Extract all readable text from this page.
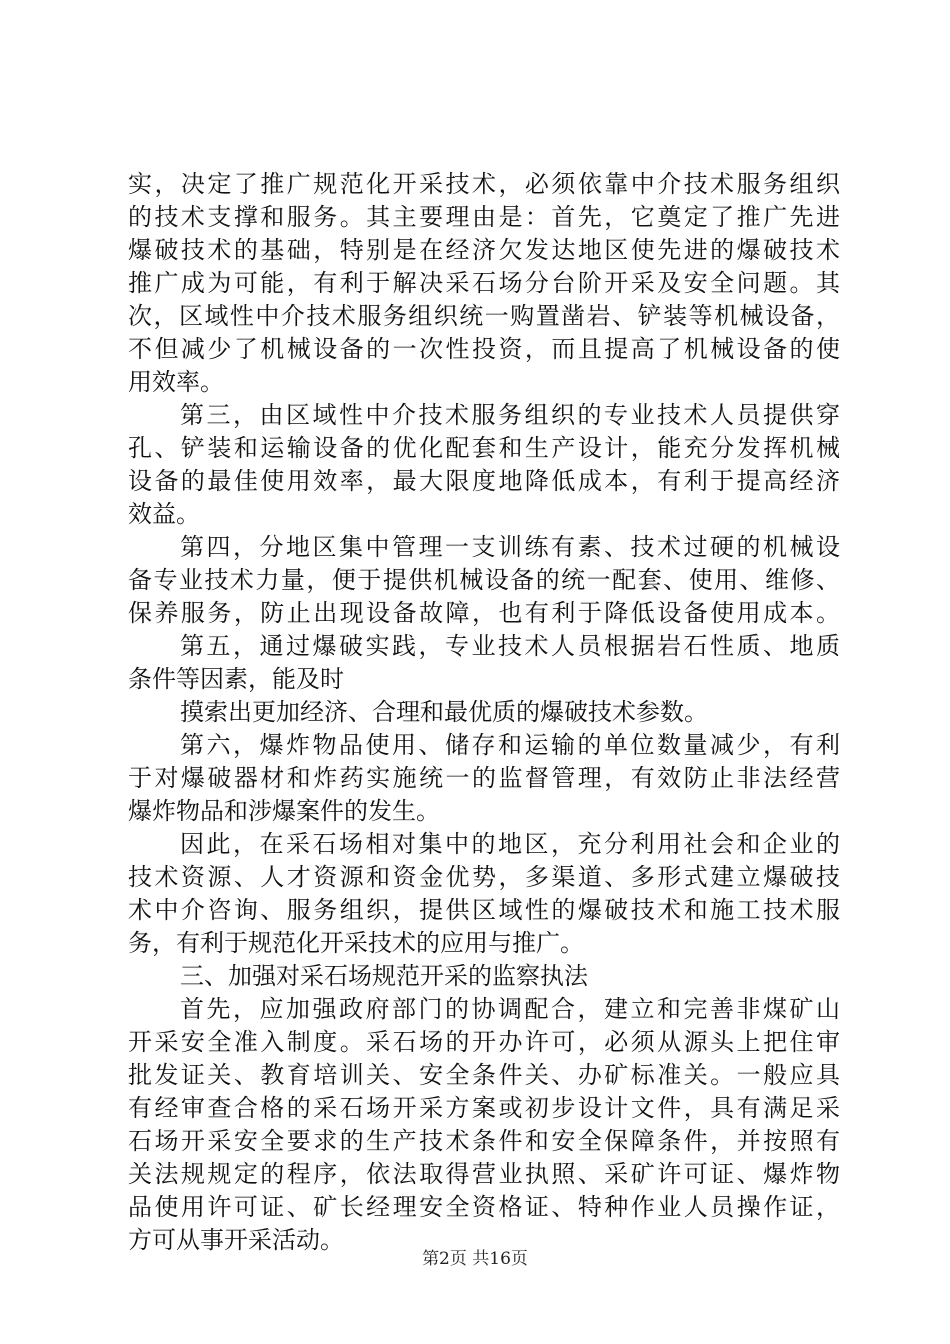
实，决定了推广规范化开采技术，必须依靠中介技术服务组织
的技术支撑和服务。其主要理由是：首先，它奠定了推广先进
爆破技术的基础，特别是在经济欠发达地区使先进的爆破技术
推广成为可能，有利于解决采石场分台阶开采及安全问题。其
次，区域性中介技术服务组织统一购置凿岩、铲装等机械设备，
不但减少了机械设备的一次性投资，而且提高了机械设备的使
用效率。
第三，由区域性中介技术服务组织的专业技术人员提供穿
孔、铲装和运输设备的优化配套和生产设计，能充分发挥机械
设备的最佳使用效率，最大限度地降低成本，有利于提高经济
效益。
第四，分地区集中管理一支训练有素、技术过硬的机械设
备专业技术力量，便于提供机械设备的统一配套、使用、维修、
保养服务，防止出现设备故障，也有利于降低设备使用成本。
第五，通过爆破实践，专业技术人员根据岩石性质、地质
条件等因素，能及时
摸索出更加经济、合理和最优质的爆破技术参数。
第六，爆炸物品使用、储存和运输的单位数量减少，有利
于对爆破器材和炸药实施统一的监督管理，有效防止非法经营
爆炸物品和涉爆案件的发生。
因此，在采石场相对集中的地区，充分利用社会和企业的
技术资源、人才资源和资金优势，多渠道、多形式建立爆破技
术中介咨询、服务组织，提供区域性的爆破技术和施工技术服
务，有利于规范化开采技术的应用与推广。
三、加强对采石场规范开采的监察执法
首先，应加强政府部门的协调配合，建立和完善非煤矿山
开采安全准入制度。采石场的开办许可，必须从源头上把住审
批发证关、教育培训关、安全条件关、办矿标准关。一般应具
有经审查合格的采石场开采方案或初步设计文件，具有满足采
石场开采安全要求的生产技术条件和安全保障条件，并按照有
关法规规定的程序，依法取得营业执照、采矿许可证、爆炸物
品使用许可证、矿长经理安全资格证、特种作业人员操作证，
方可从事开采活动。
第2页 共16页
